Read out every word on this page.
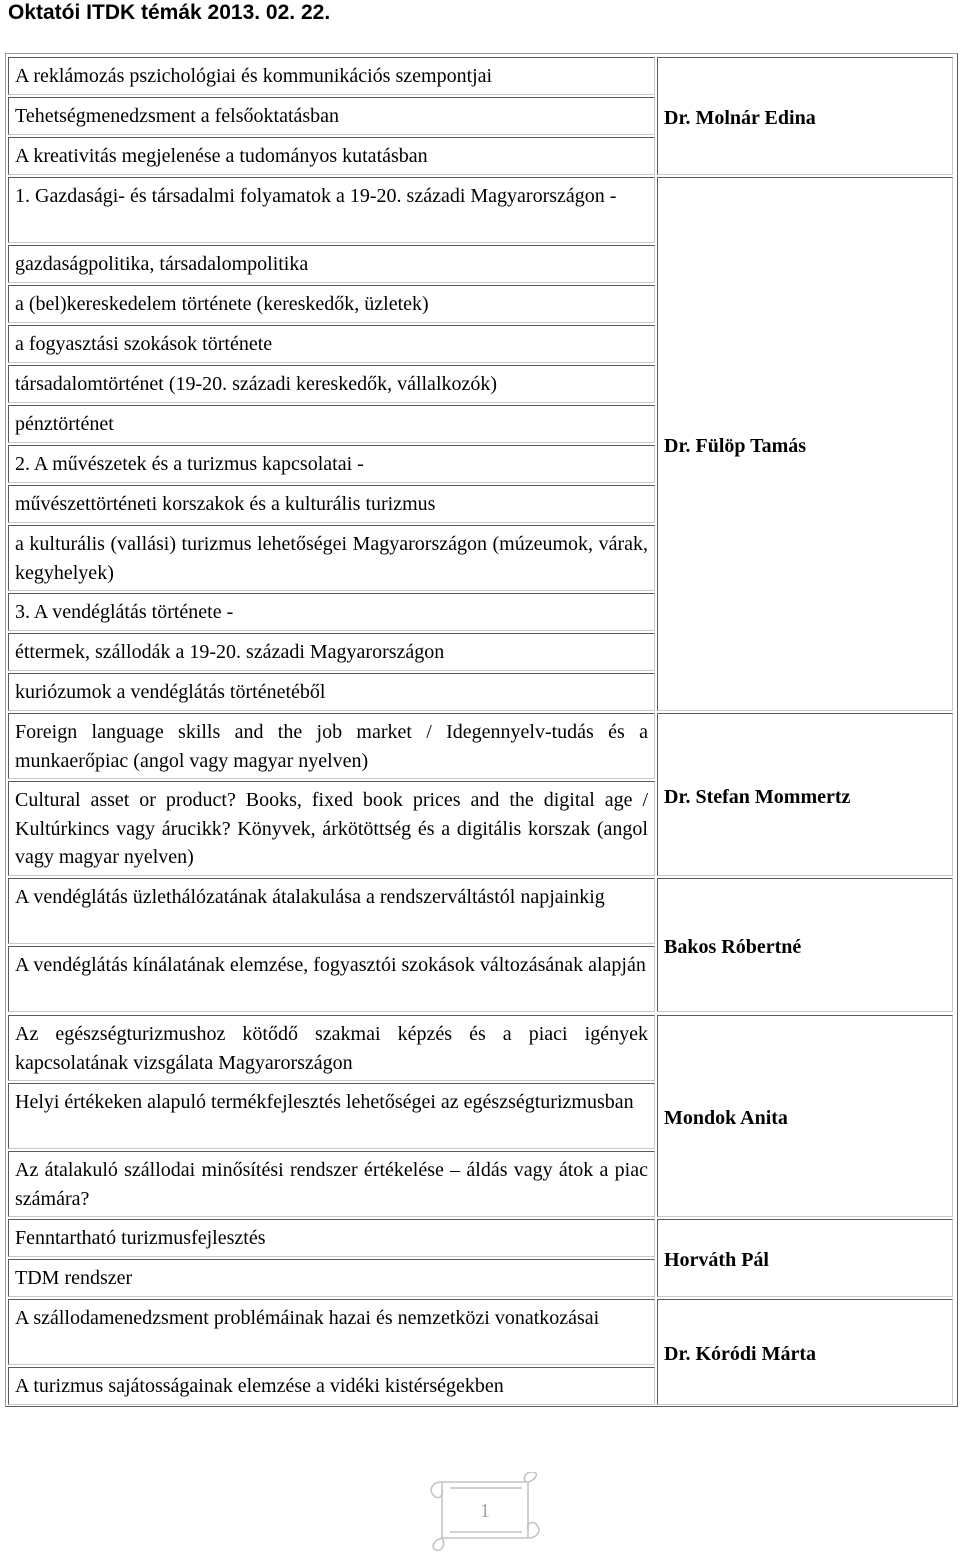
Oktatói ITDK témák 2013. 02. 22.
A reklámozás pszichológiai és kommunikációs szempontjai
Tehetségmenedzsment a felsőoktatásban
A kreativitás megjelenése a tudományos kutatásban
1. Gazdasági- és társadalmi folyamatok a 19-20. századi Magyarországon -
gazdaságpolitika, társadalompolitika
a (bel)kereskedelem története (kereskedők, üzletek)
a fogyasztási szokások története
társadalomtörténet (19-20. századi kereskedők, vállalkozók)
pénztörténet
2. A művészetek és a turizmus kapcsolatai -
művészettörténeti korszakok és a kulturális turizmus
a kulturális (vallási) turizmus lehetőségei Magyarországon (múzeumok, várak, kegyhelyek)
3. A vendéglátás története -
éttermek, szállodák a 19-20. századi Magyarországon
kuriózumok a vendéglátás történetéből
Foreign language skills and the job market / Idegennyelv-tudás és a munkaerőpiac (angol vagy magyar nyelven)
Cultural asset or product? Books, fixed book prices and the digital age / Kultúrkincs vagy árucikk? Könyvek, árkötöttség és a digitális korszak (angol vagy magyar nyelven)
A vendéglátás üzlethálózatának átalakulása a rendszerváltástól napjainkig
A vendéglátás kínálatának elemzése, fogyasztói szokások változásának alapján
Az egészségturizmushoz kötődő szakmai képzés és a piaci igények kapcsolatának vizsgálata Magyarországon
Helyi értékeken alapuló termékfejlesztés lehetőségei az egészségturizmusban
Az átalakuló szállodai minősítési rendszer értékelése – áldás vagy átok a piac számára?
Fenntartható turizmusfejlesztés
TDM rendszer
A szállodamenedzsment problémáinak hazai és nemzetközi vonatkozásai
A turizmus sajátosságainak elemzése a vidéki kistérségekben
Dr. Molnár Edina
Dr. Fülöp Tamás
Dr. Stefan Mommertz
Bakos Róbertné
Mondok Anita
Horváth Pál
Dr. Kóródi Márta
1
